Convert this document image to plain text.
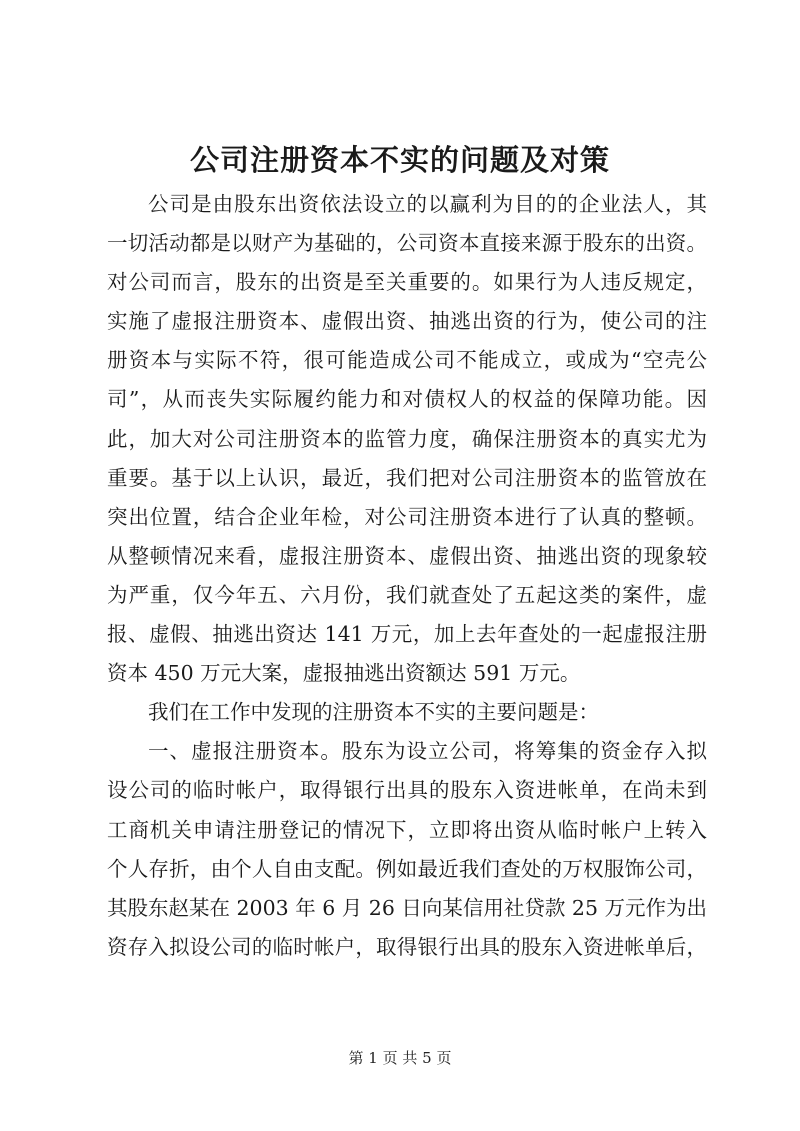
公司注册资本不实的问题及对策
公司是由股东出资依法设立的以赢利为目的的企业法人，其
一切活动都是以财产为基础的，公司资本直接来源于股东的出资。
对公司而言，股东的出资是至关重要的。如果行为人违反规定，
实施了虚报注册资本、虚假出资、抽逃出资的行为，使公司的注
册资本与实际不符，很可能造成公司不能成立，或成为“空壳公
司”，从而丧失实际履约能力和对债权人的权益的保障功能。因
此，加大对公司注册资本的监管力度，确保注册资本的真实尤为
重要。基于以上认识，最近，我们把对公司注册资本的监管放在
突出位置，结合企业年检，对公司注册资本进行了认真的整顿。
从整顿情况来看，虚报注册资本、虚假出资、抽逃出资的现象较
为严重，仅今年五、六月份，我们就查处了五起这类的案件，虚
报、虚假、抽逃出资达 141 万元，加上去年查处的一起虚报注册
资本 450 万元大案，虚报抽逃出资额达 591 万元。
我们在工作中发现的注册资本不实的主要问题是：
一、虚报注册资本。股东为设立公司，将筹集的资金存入拟
设公司的临时帐户，取得银行出具的股东入资进帐单，在尚未到
工商机关申请注册登记的情况下，立即将出资从临时帐户上转入
个人存折，由个人自由支配。例如最近我们查处的万权服饰公司，
其股东赵某在 2003 年 6 月 26 日向某信用社贷款 25 万元作为出
资存入拟设公司的临时帐户，取得银行出具的股东入资进帐单后，
第 1 页 共 5 页
